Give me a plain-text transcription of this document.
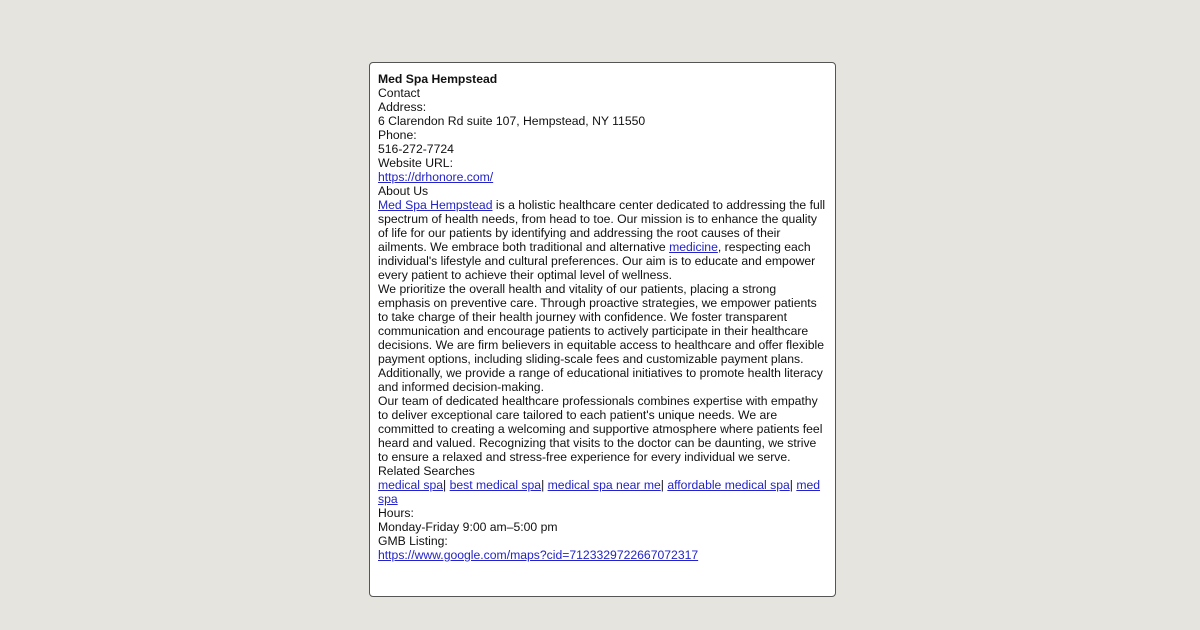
Med Spa Hempstead
Contact
Address:
6 Clarendon Rd suite 107, Hempstead, NY 11550
Phone:
516-272-7724
Website URL:
https://drhonore.com/
About Us
Med Spa Hempstead is a holistic healthcare center dedicated to addressing the full spectrum of health needs, from head to toe. Our mission is to enhance the quality of life for our patients by identifying and addressing the root causes of their ailments. We embrace both traditional and alternative medicine, respecting each individual's lifestyle and cultural preferences. Our aim is to educate and empower every patient to achieve their optimal level of wellness.
We prioritize the overall health and vitality of our patients, placing a strong emphasis on preventive care. Through proactive strategies, we empower patients to take charge of their health journey with confidence. We foster transparent communication and encourage patients to actively participate in their healthcare decisions. We are firm believers in equitable access to healthcare and offer flexible payment options, including sliding-scale fees and customizable payment plans. Additionally, we provide a range of educational initiatives to promote health literacy and informed decision-making.
Our team of dedicated healthcare professionals combines expertise with empathy to deliver exceptional care tailored to each patient's unique needs. We are committed to creating a welcoming and supportive atmosphere where patients feel heard and valued. Recognizing that visits to the doctor can be daunting, we strive to ensure a relaxed and stress-free experience for every individual we serve.
Related Searches
medical spa| best medical spa| medical spa near me| affordable medical spa| med spa
Hours:
Monday-Friday 9:00 am–5:00 pm
GMB Listing:
https://www.google.com/maps?cid=7123329722667072317
